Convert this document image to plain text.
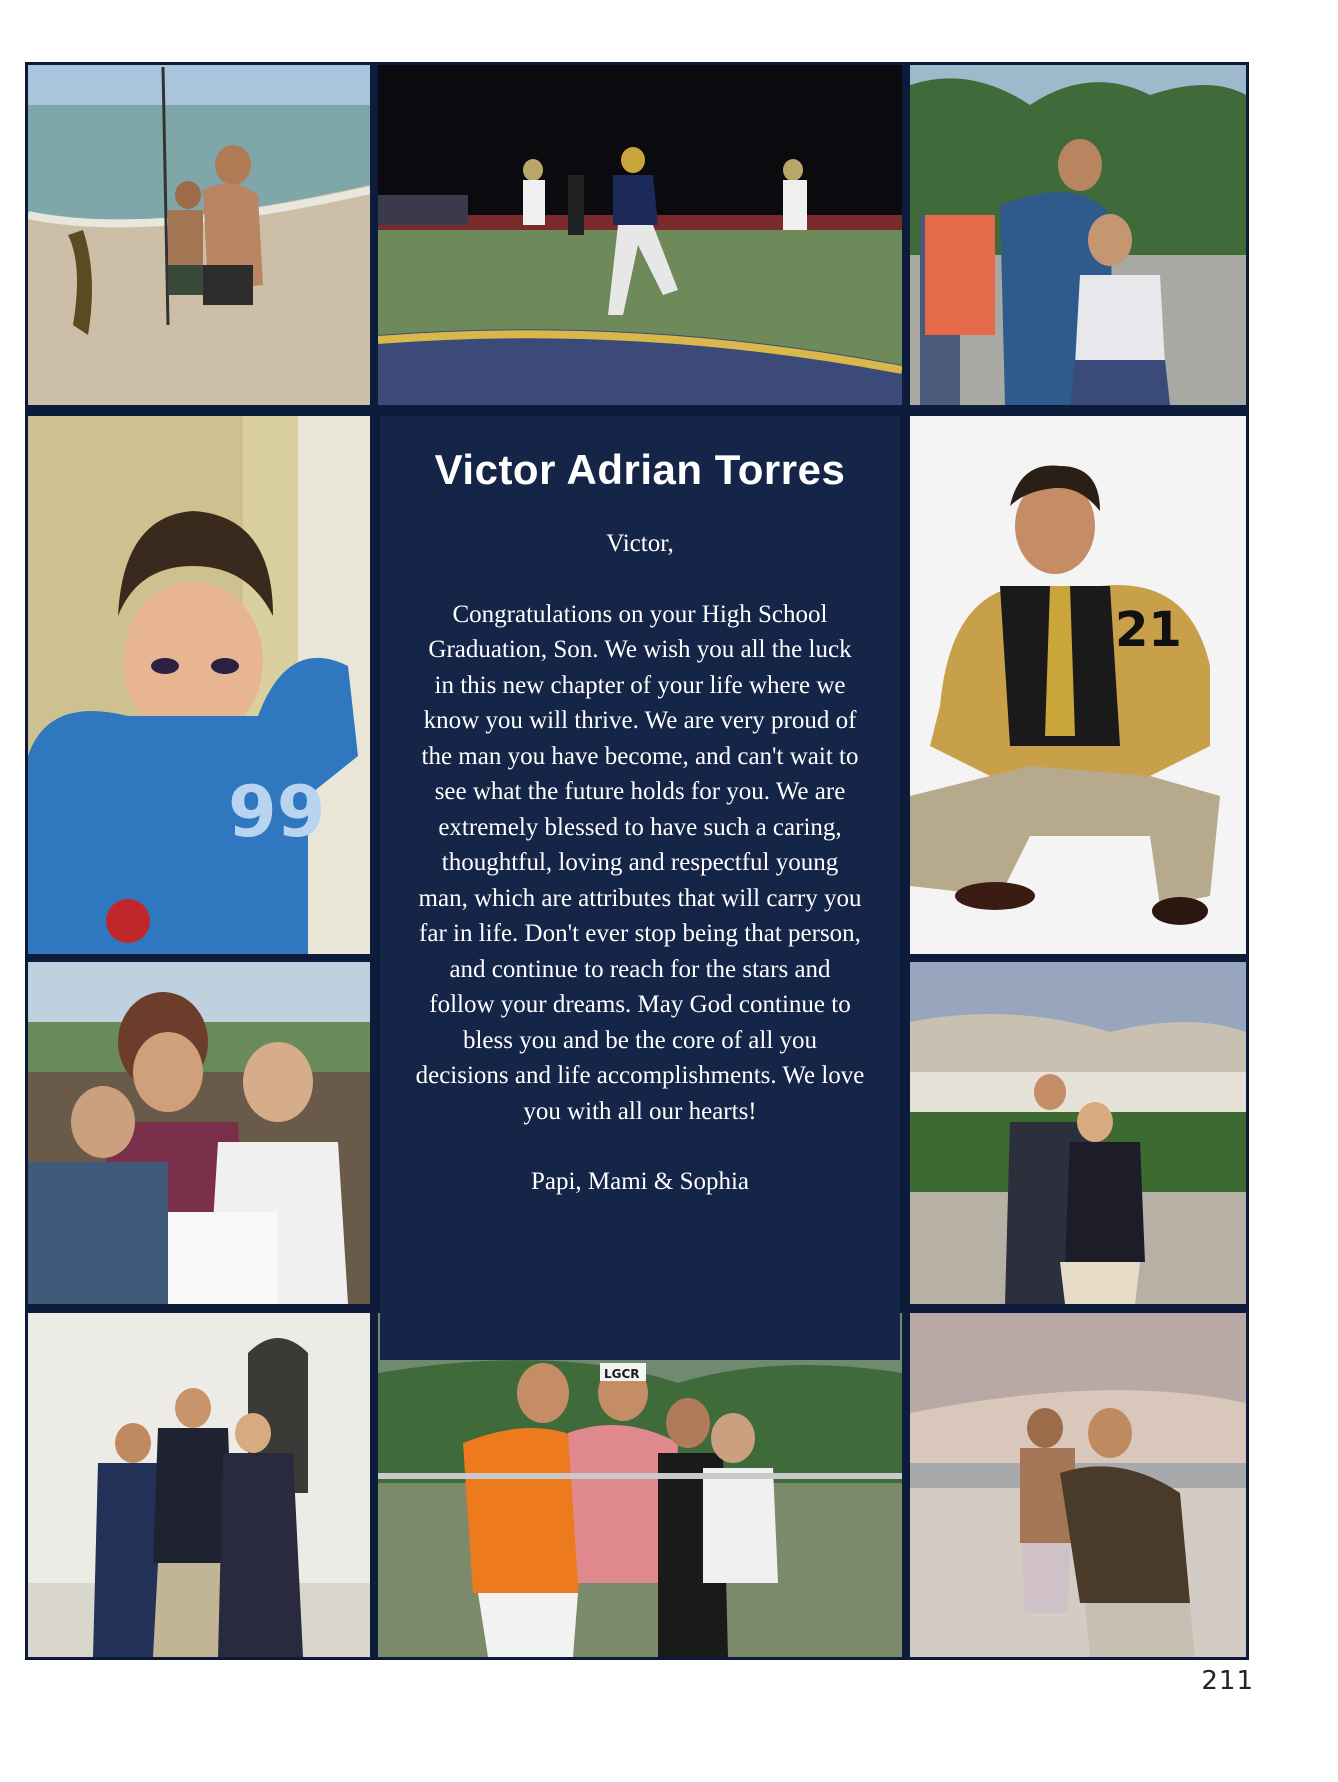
99
21
LGCR
Victor Adrian Torres

Victor,

Congratulations on your High School

Graduation, Son. We wish you all the luck

in this new chapter of your life where we

know you will thrive. We are very proud of

the man you have become, and can't wait to

see what the future holds for you. We are

extremely blessed to have such a caring,

thoughtful, loving and respectful young

man, which are attributes that will carry you

far in life. Don't ever stop being that person,

and continue to reach for the stars and

follow your dreams. May God continue to

bless you and be the core of all you

decisions and life accomplishments. We love

you with all our hearts!

Papi, Mami & Sophia

211
